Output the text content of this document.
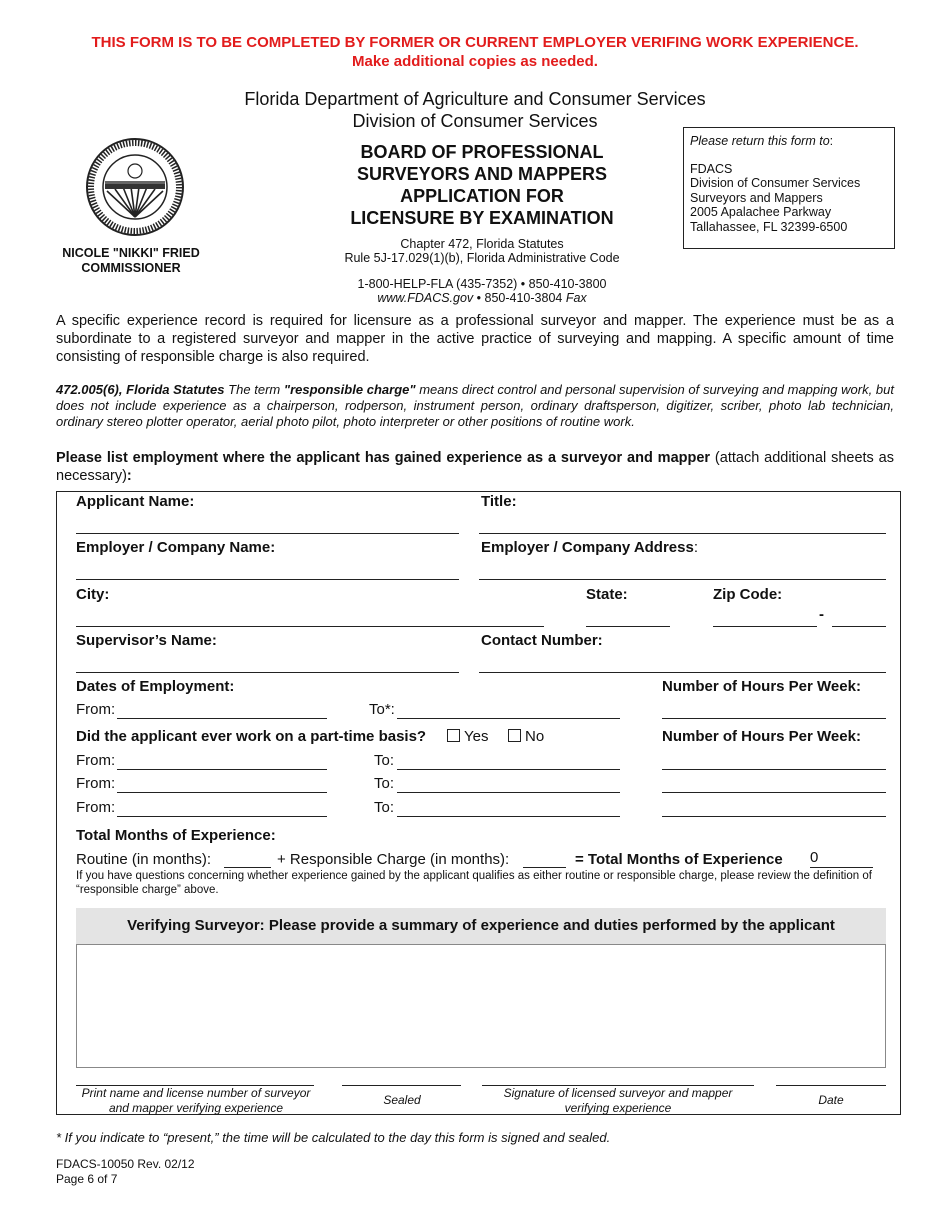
THIS FORM IS TO BE COMPLETED BY FORMER OR CURRENT EMPLOYER VERIFING WORK EXPERIENCE.
Make additional copies as needed.
Florida Department of Agriculture and Consumer Services
Division of Consumer Services
BOARD OF PROFESSIONAL
SURVEYORS AND MAPPERS
APPLICATION FOR
LICENSURE BY EXAMINATION
Chapter 472, Florida Statutes
Rule 5J-17.029(1)(b), Florida Administrative Code
1-800-HELP-FLA (435-7352) • 850-410-3800
www.FDACS.gov • 850-410-3804 Fax
NICOLE "NIKKI" FRIED
COMMISSIONER
Please return this form to:
FDACS
Division of Consumer Services
Surveyors and Mappers
2005 Apalachee Parkway
Tallahassee, FL 32399-6500
A specific experience record is required for licensure as a professional surveyor and mapper. The experience must be as a subordinate to a registered surveyor and mapper in the active practice of surveying and mapping. A specific amount of time consisting of responsible charge is also required.
472.005(6), Florida Statutes The term "responsible charge" means direct control and personal supervision of surveying and mapping work, but does not include experience as a chairperson, rodperson, instrument person, ordinary draftsperson, digitizer, scriber, photo lab technician, ordinary stereo plotter operator, aerial photo pilot, photo interpreter or other positions of routine work.
Please list employment where the applicant has gained experience as a surveyor and mapper (attach additional sheets as necessary):
Applicant Name:	Title:
Employer / Company Name:	Employer / Company Address:
City:	State:	Zip Code:
-
Supervisor’s Name:	Contact Number:
Dates of Employment:	Number of Hours Per Week:
From:	To*:
Did the applicant ever work on a part-time basis?	Yes	No	Number of Hours Per Week:
From:	To:
From:	To:
From:	To:
Total Months of Experience:
Routine (in months):	+ Responsible Charge (in months):	= Total Months of Experience 0
If you have questions concerning whether experience gained by the applicant qualifies as either routine or responsible charge, please review the definition of “responsible charge” above.
Verifying Surveyor: Please provide a summary of experience and duties performed by the applicant
Print name and license number of surveyor and mapper verifying experience
Sealed	Signature of licensed surveyor and mapper verifying experience
Date
* If you indicate to “present,” the time will be calculated to the day this form is signed and sealed.
FDACS-10050 Rev. 02/12
Page 6 of 7
